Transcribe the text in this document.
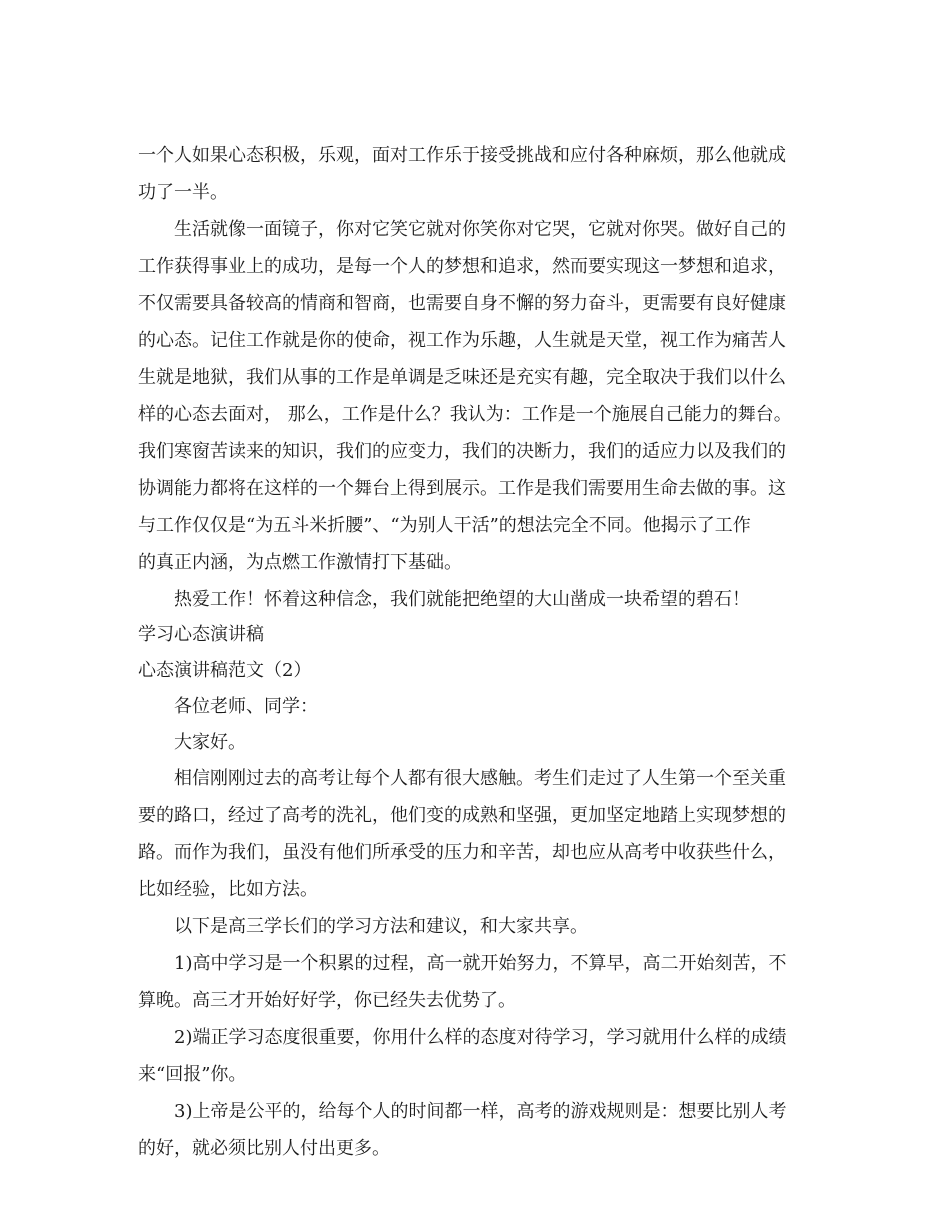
一个人如果心态积极，乐观，面对工作乐于接受挑战和应付各种麻烦，那么他就成
功了一半。
生活就像一面镜子，你对它笑它就对你笑你对它哭，它就对你哭。做好自己的
工作获得事业上的成功，是每一个人的梦想和追求，然而要实现这一梦想和追求，
不仅需要具备较高的情商和智商，也需要自身不懈的努力奋斗，更需要有良好健康
的心态。记住工作就是你的使命，视工作为乐趣，人生就是天堂，视工作为痛苦人
生就是地狱，我们从事的工作是单调是乏味还是充实有趣，完全取决于我们以什么
样的心态去面对， 那么，工作是什么？我认为：工作是一个施展自己能力的舞台。
我们寒窗苦读来的知识，我们的应变力，我们的决断力，我们的适应力以及我们的
协调能力都将在这样的一个舞台上得到展示。工作是我们需要用生命去做的事。这
与工作仅仅是“为五斗米折腰”、“为别人干活”的想法完全不同。他揭示了工作
的真正内涵，为点燃工作激情打下基础。
热爱工作！怀着这种信念，我们就能把绝望的大山凿成一块希望的碧石！
学习心态演讲稿
心态演讲稿范文（2）
各位老师、同学：
大家好。
相信刚刚过去的高考让每个人都有很大感触。考生们走过了人生第一个至关重
要的路口，经过了高考的洗礼，他们变的成熟和坚强，更加坚定地踏上实现梦想的
路。而作为我们，虽没有他们所承受的压力和辛苦，却也应从高考中收获些什么，
比如经验，比如方法。
以下是高三学长们的学习方法和建议，和大家共享。
1)高中学习是一个积累的过程，高一就开始努力，不算早，高二开始刻苦，不
算晚。高三才开始好好学，你已经失去优势了。
2)端正学习态度很重要，你用什么样的态度对待学习，学习就用什么样的成绩
来“回报”你。
3)上帝是公平的，给每个人的时间都一样，高考的游戏规则是：想要比别人考
的好，就必须比别人付出更多。
